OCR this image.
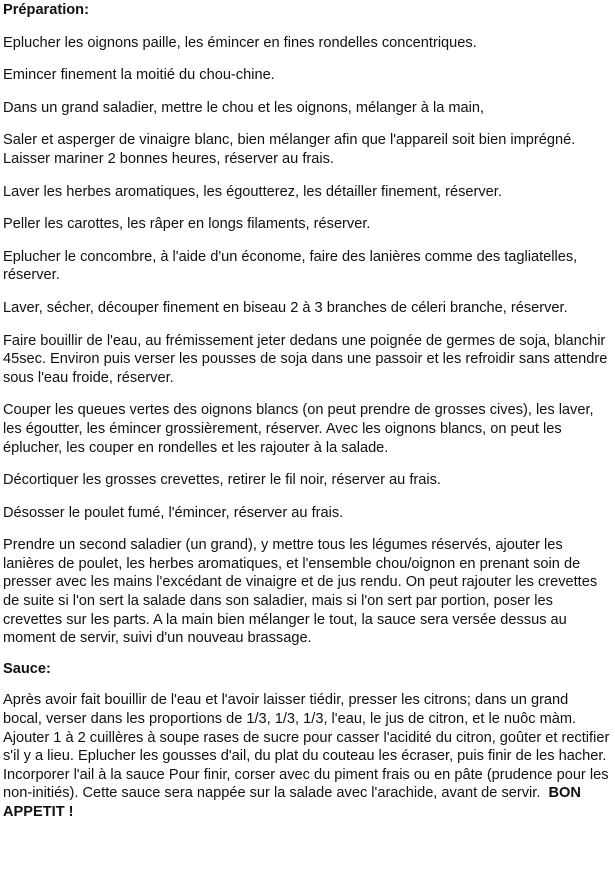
Préparation:

Eplucher les oignons paille, les émincer en fines rondelles concentriques.

Emincer finement la moitié du chou-chine.

Dans un grand saladier, mettre le chou et les oignons, mélanger à la main,

Saler et asperger de vinaigre blanc, bien mélanger afin que l'appareil soit bien imprégné. Laisser mariner 2 bonnes heures, réserver au frais.

Laver les herbes aromatiques, les égoutterez, les détailler finement, réserver.

Peller les carottes, les râper en longs filaments, réserver.

Eplucher le concombre, à l'aide d'un économe, faire des lanières comme des tagliatelles, réserver.

Laver, sécher, découper finement en biseau 2 à 3 branches de céleri branche, réserver.

Faire bouillir de l'eau, au frémissement jeter dedans une poignée de germes de soja, blanchir 45sec. Environ puis verser les pousses de soja dans une passoir et les refroidir sans attendre sous l'eau froide, réserver.

Couper les queues vertes des oignons blancs (on peut prendre de grosses cives), les laver, les égoutter, les émincer grossièrement, réserver. Avec les oignons blancs, on peut les éplucher, les couper en rondelles et les rajouter à la salade.

Décortiquer les grosses crevettes, retirer le fil noir, réserver au frais.

Désosser le poulet fumé, l'émincer, réserver au frais.

Prendre un second saladier (un grand), y mettre tous les légumes réservés, ajouter les lanières de poulet, les herbes aromatiques, et l'ensemble chou/oignon en prenant soin de presser avec les mains l'excédant de vinaigre et de jus rendu. On peut rajouter les crevettes de suite si l'on sert la salade dans son saladier, mais si l'on sert par portion, poser les crevettes sur les parts. A la main bien mélanger le tout, la sauce sera versée dessus au moment de servir, suivi d'un nouveau brassage.

Sauce:

Après avoir fait bouillir de l'eau et l'avoir laisser tiédir, presser les citrons; dans un grand bocal, verser dans les proportions de 1/3, 1/3, 1/3, l'eau, le jus de citron, et le nuôc màm. Ajouter 1 à 2 cuillères à soupe rases de sucre pour casser l'acidité du citron, goûter et rectifier s'il y a lieu. Eplucher les gousses d'ail, du plat du couteau les écraser, puis finir de les hacher. Incorporer l'ail à la sauce Pour finir, corser avec du piment frais ou en pâte (prudence pour les non-initiés). Cette sauce sera nappée sur la salade avec l'arachide, avant de servir. BON APPETIT !
